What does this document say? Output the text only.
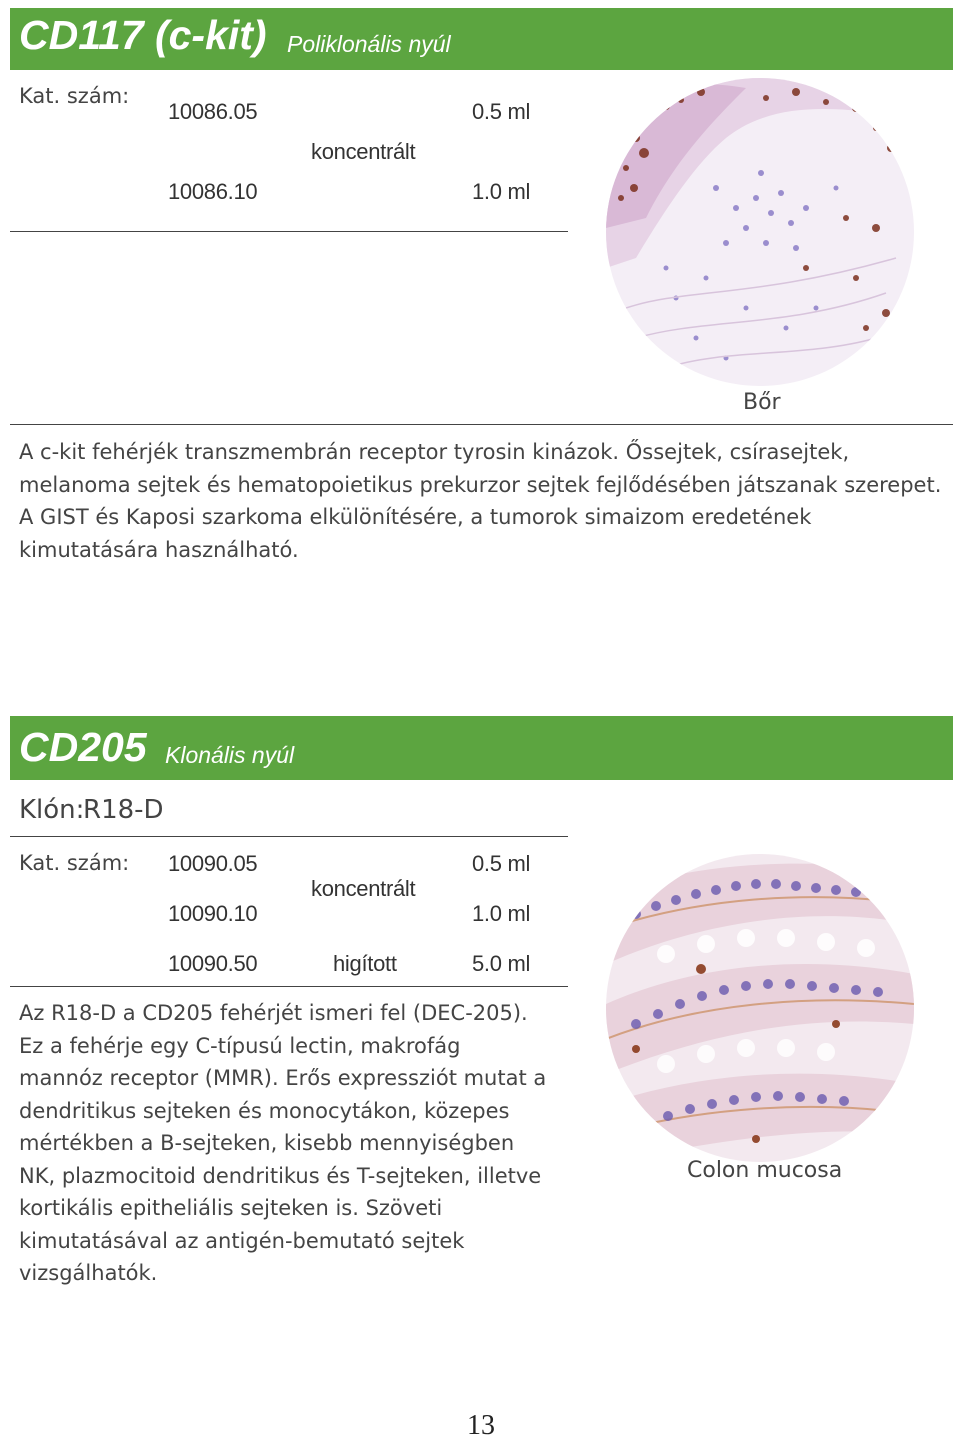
CD117 (c-kit) Poliklonális nyúl
Kat. szám:
10086.05
10086.10
koncentrált
0.5 ml
1.0 ml
Bőr
A c-kit fehérjék transzmembrán receptor tyrosin kinázok. Őssejtek, csírasejtek, melanoma sejtek és hematopoietikus prekurzor sejtek fejlődésében játszanak szerepet. A GIST és Kaposi szarkoma elkülönítésére, a tumorok simaizom eredetének kimutatására használható.
CD205 Klonális nyúl
Klón:
R18-D
Kat. szám: 10090.05
10090.10
10090.50
koncentrált
higított
0.5 ml
1.0 ml
5.0 ml
Az R18-D a CD205 fehérjét ismeri fel (DEC-205). Ez a fehérje egy C-típusú lectin, makrofág mannóz receptor (MMR). Erős expressziót mutat a dendritikus sejteken és monocytákon, közepes mértékben a B-sejteken, kisebb mennyiségben NK, plazmocitoid dendritikus és T-sejteken, illetve kortikális epitheliális sejteken is. Szöveti kimutatásával az antigén-bemutató sejtek vizsgálhatók.
Colon mucosa
13
